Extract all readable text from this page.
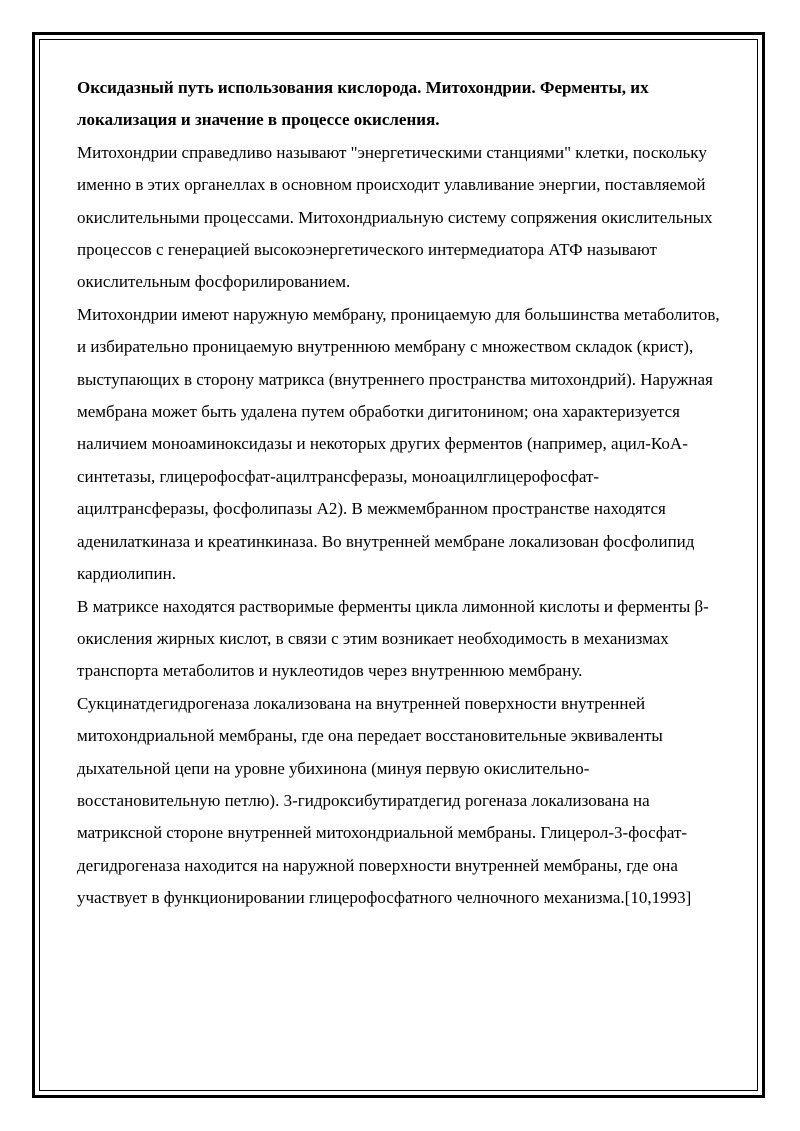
Оксидазный путь использования кислорода. Митохондрии. Ферменты, их локализация и значение в процессе окисления.

Митохондрии справедливо называют "энергетическими станциями" клетки, поскольку именно в этих органеллах в основном происходит улавливание энергии, поставляемой окислительными процессами. Митохондриальную систему сопряжения окислительных процессов с генерацией высокоэнергетического интермедиатора АТФ называют окислительным фосфорилированием.

Митохондрии имеют наружную мембрану, проницаемую для большинства метаболитов, и избирательно проницаемую внутреннюю мембрану с множеством складок (крист), выступающих в сторону матрикса (внутреннего пространства митохондрий). Наружная мембрана может быть удалена путем обработки дигитонином; она характеризуется наличием моноаминоксидазы и некоторых других ферментов (например, ацил-КоА-синтетазы, глицерофосфат-ацилтрансферазы, моноацилглицерофосфат-ацилтрансферазы, фосфолипазы А2). В межмембранном пространстве находятся аденилаткиназа и креатинкиназа. Во внутренней мембране локализован фосфолипид кардиолипин.

В матриксе находятся растворимые ферменты цикла лимонной кислоты и ферменты β-окисления жирных кислот, в связи с этим возникает необходимость в механизмах транспорта метаболитов и нуклеотидов через внутреннюю мембрану. Сукцинатдегидрогеназа локализована на внутренней поверхности внутренней митохондриальной мембраны, где она передает восстановительные эквиваленты дыхательной цепи на уровне убихинона (минуя первую окислительно-восстановительную петлю). 3-гидроксибутиратдегид рогеназа локализована на матриксной стороне внутренней митохондриальной мембраны. Глицерол-3-фосфат-дегидрогеназа находится на наружной поверхности внутренней мембраны, где она участвует в функционировании глицерофосфатного челночного механизма.[10,1993]
